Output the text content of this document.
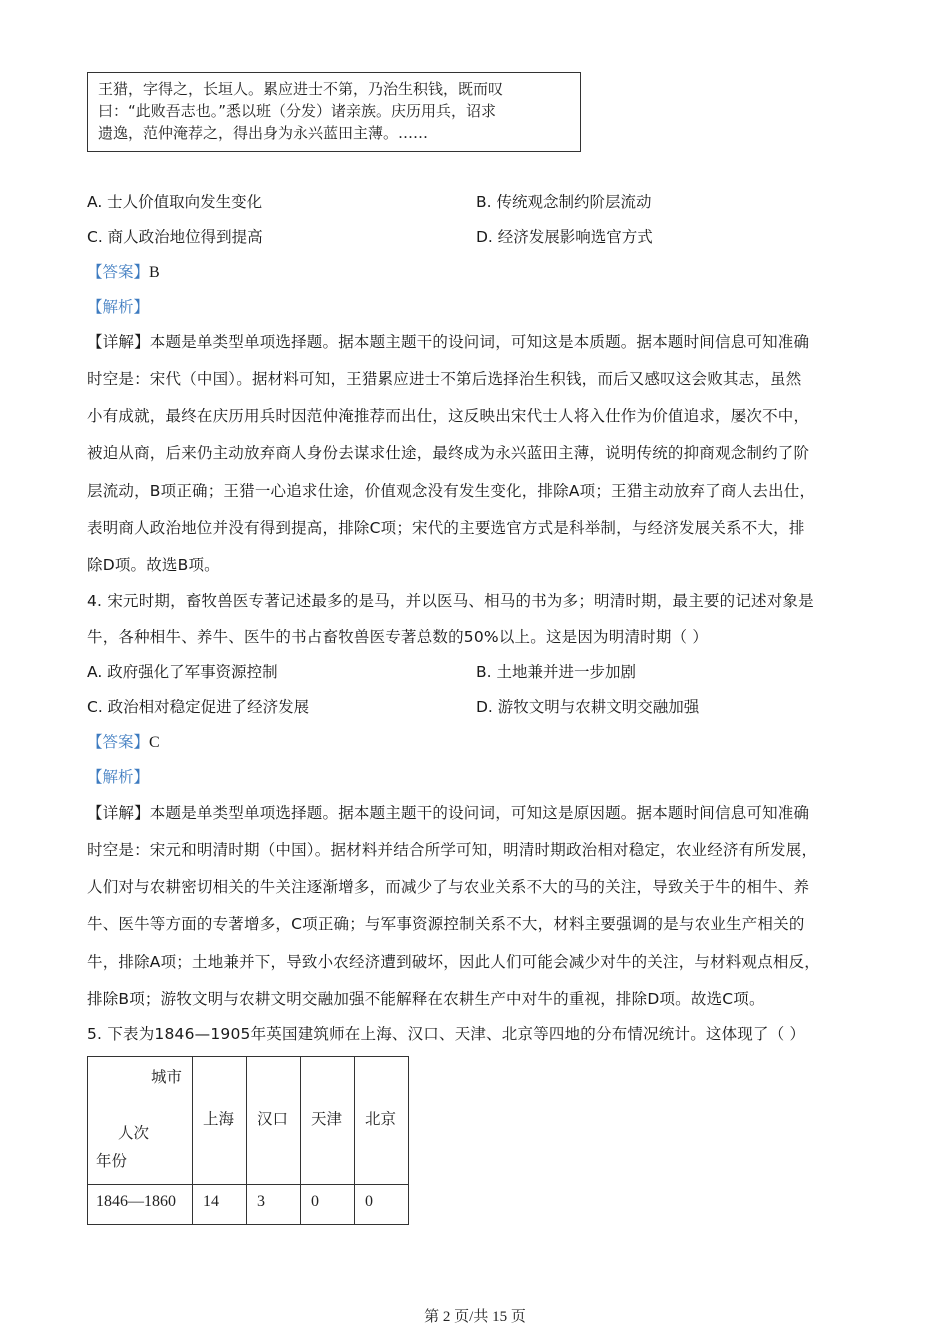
王猎，字得之，长垣人。累应进士不第，乃治生积钱，既而叹
曰：“此败吾志也。”悉以班（分发）诸亲族。庆历用兵，诏求
遗逸，范仲淹荐之，得出身为永兴蓝田主薄。……
A. 士人价值取向发生变化	B. 传统观念制约阶层流动
C. 商人政治地位得到提高	D. 经济发展影响选官方式
【答案】B
【解析】
【详解】本题是单类型单项选择题。据本题主题干的设问词，可知这是本质题。据本题时间信息可知准确
时空是：宋代（中国）。据材料可知，王猎累应进士不第后选择治生积钱，而后又感叹这会败其志，虽然
小有成就，最终在庆历用兵时因范仲淹推荐而出仕，这反映出宋代士人将入仕作为价值追求，屡次不中，
被迫从商，后来仍主动放弃商人身份去谋求仕途，最终成为永兴蓝田主薄，说明传统的抑商观念制约了阶
层流动，B项正确；王猎一心追求仕途，价值观念没有发生变化，排除A项；王猎主动放弃了商人去出仕，
表明商人政治地位并没有得到提高，排除C项；宋代的主要选官方式是科举制，与经济发展关系不大，排
除D项。故选B项。
4. 宋元时期，畜牧兽医专著记述最多的是马，并以医马、相马的书为多；明清时期，最主要的记述对象是
牛，各种相牛、养牛、医牛的书占畜牧兽医专著总数的50%以上。这是因为明清时期（ ）
A. 政府强化了军事资源控制	B. 土地兼并进一步加剧
C. 政治相对稳定促进了经济发展	D. 游牧文明与农耕文明交融加强
【答案】C
【解析】
【详解】本题是单类型单项选择题。据本题主题干的设问词，可知这是原因题。据本题时间信息可知准确
时空是：宋元和明清时期（中国）。据材料并结合所学可知，明清时期政治相对稳定，农业经济有所发展，
人们对与农耕密切相关的牛关注逐渐增多，而减少了与农业关系不大的马的关注，导致关于牛的相牛、养
牛、医牛等方面的专著增多，C项正确；与军事资源控制关系不大，材料主要强调的是与农业生产相关的
牛，排除A项；土地兼并下，导致小农经济遭到破坏，因此人们可能会减少对牛的关注，与材料观点相反，
排除B项；游牧文明与农耕文明交融加强不能解释在农耕生产中对牛的重视，排除D项。故选C项。
5. 下表为1846—1905年英国建筑师在上海、汉口、天津、北京等四地的分布情况统计。这体现了（ ）
城市
人次
年份	上海	汉口	天津	北京

1846—1860	14	3	0	0
第 2 页/共 15 页
